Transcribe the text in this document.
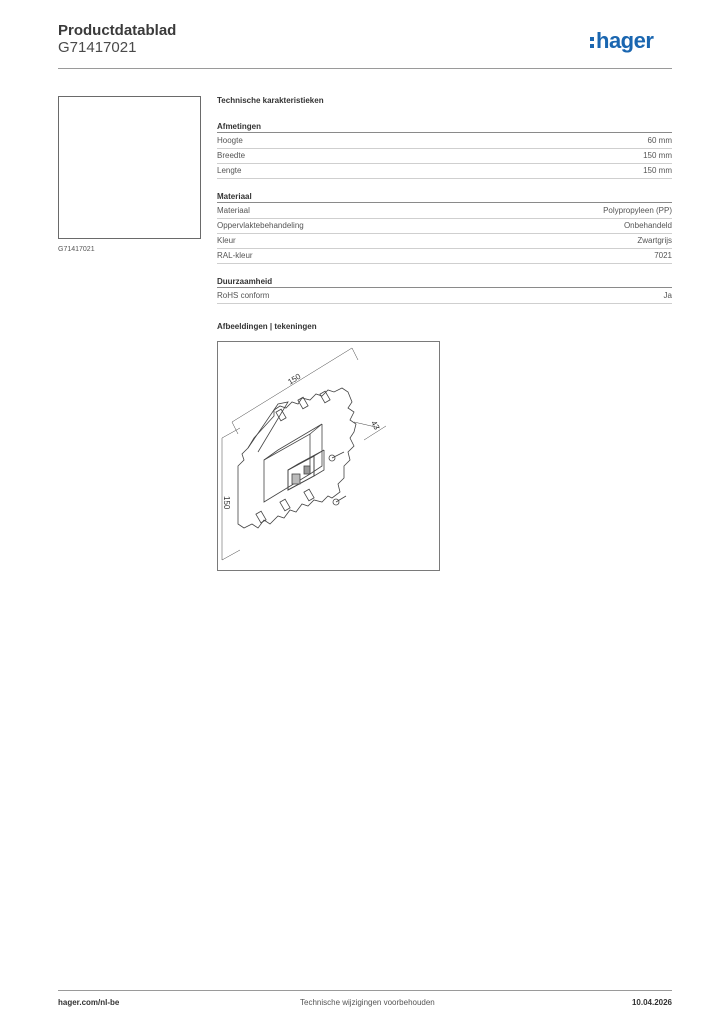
Productdatablad
G71417021	hager
G71417021
Technische karakteristieken
Afmetingen
Hoogte	60 mm
Breedte	150 mm
Lengte	150 mm
Materiaal
Materiaal	Polypropyleen (PP)
Oppervlaktebehandeling	Onbehandeld
Kleur	Zwartgrijs
RAL-kleur	7021
Duurzaamheid
RoHS conform	Ja
Afbeeldingen | tekeningen
150
150
43
hager.com/nl-be	Technische wijzigingen voorbehouden	10.04.2026
